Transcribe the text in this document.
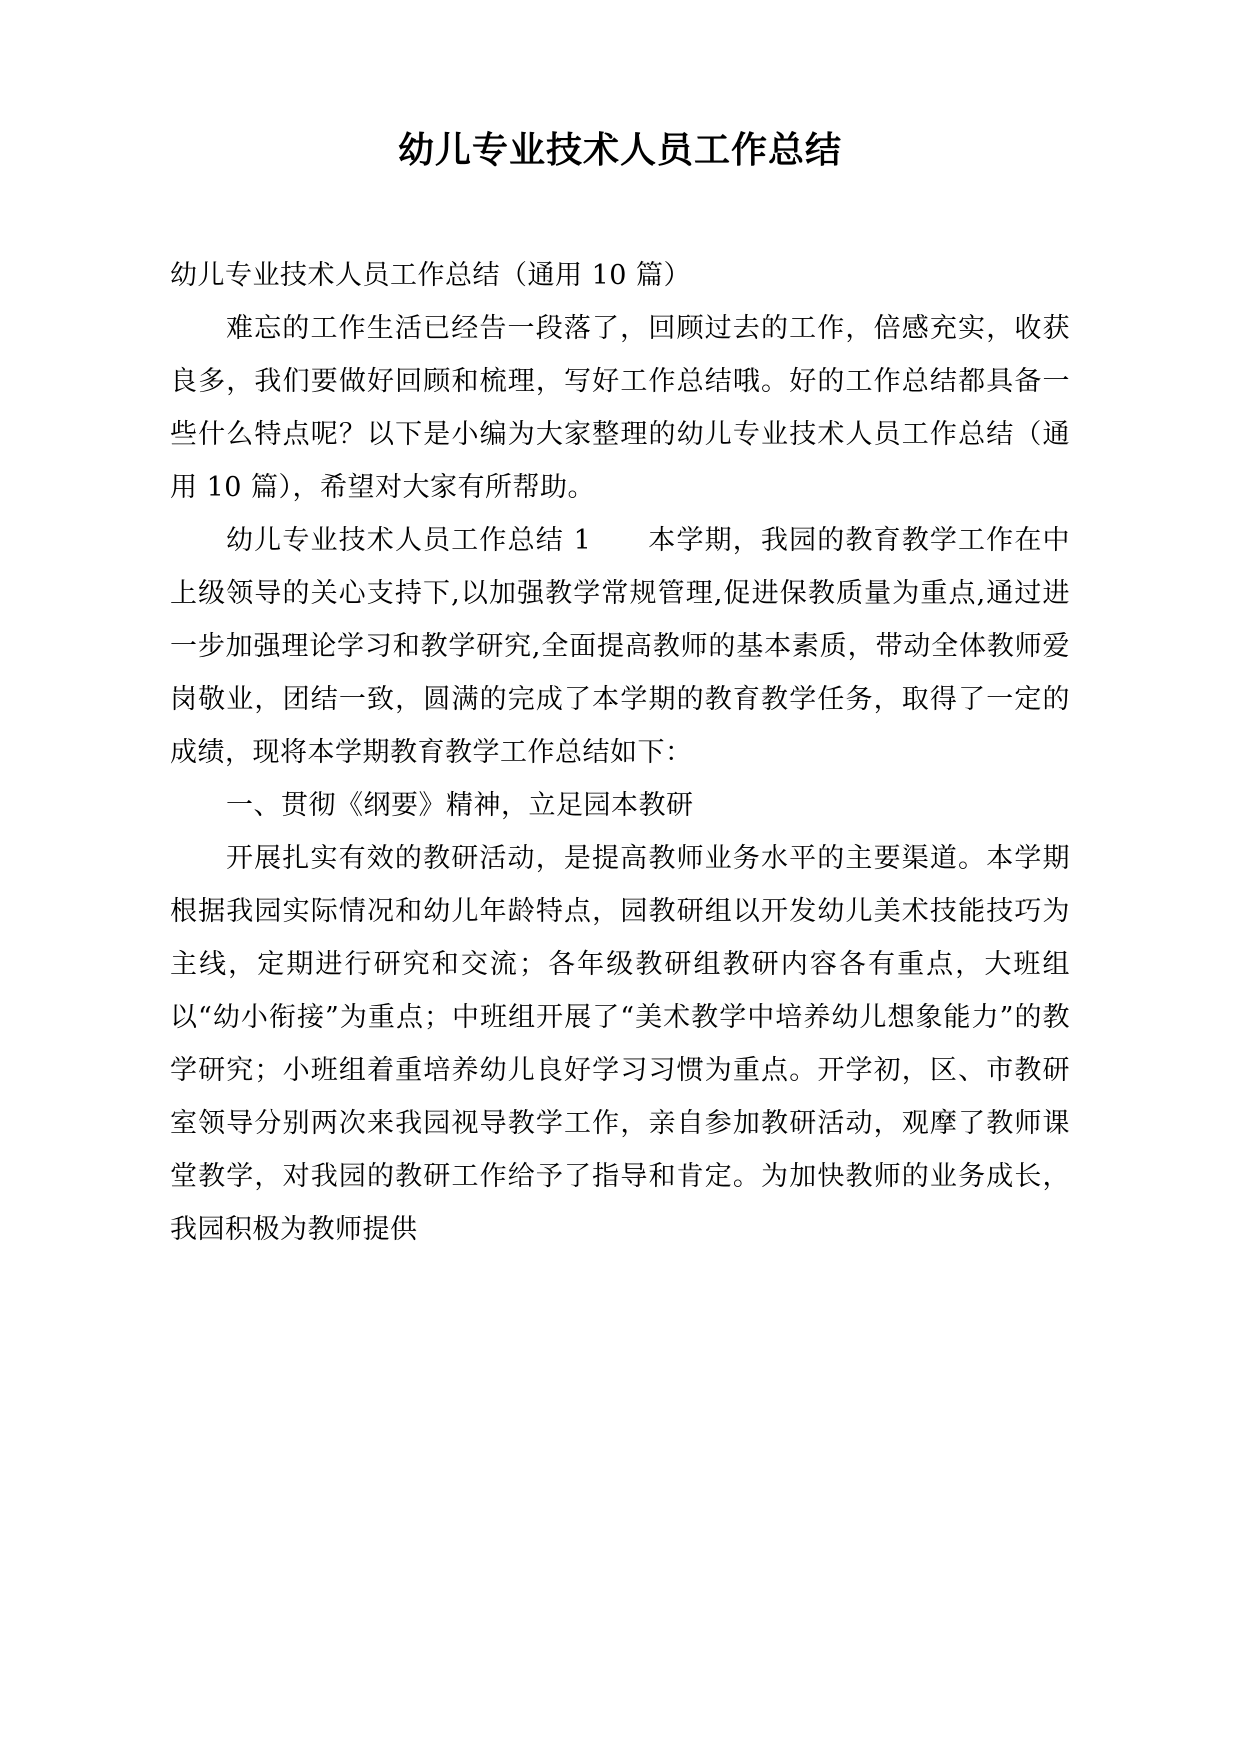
幼儿专业技术人员工作总结

幼儿专业技术人员工作总结（通用 10 篇）

难忘的工作生活已经告一段落了，回顾过去的工作，倍感充实，收获良多，我们要做好回顾和梳理，写好工作总结哦。好的工作总结都具备一些什么特点呢？以下是小编为大家整理的幼儿专业技术人员工作总结（通用 10 篇），希望对大家有所帮助。

幼儿专业技术人员工作总结 1　　本学期，我园的教育教学工作在中上级领导的关心支持下,以加强教学常规管理,促进保教质量为重点,通过进一步加强理论学习和教学研究,全面提高教师的基本素质，带动全体教师爱岗敬业，团结一致，圆满的完成了本学期的教育教学任务，取得了一定的成绩，现将本学期教育教学工作总结如下：

一、贯彻《纲要》精神，立足园本教研

开展扎实有效的教研活动，是提高教师业务水平的主要渠道。本学期根据我园实际情况和幼儿年龄特点，园教研组以开发幼儿美术技能技巧为主线，定期进行研究和交流；各年级教研组教研内容各有重点，大班组以“幼小衔接”为重点；中班组开展了“美术教学中培养幼儿想象能力”的教学研究；小班组着重培养幼儿良好学习习惯为重点。开学初，区、市教研室领导分别两次来我园视导教学工作，亲自参加教研活动，观摩了教师课堂教学，对我园的教研工作给予了指导和肯定。为加快教师的业务成长，我园积极为教师提供
